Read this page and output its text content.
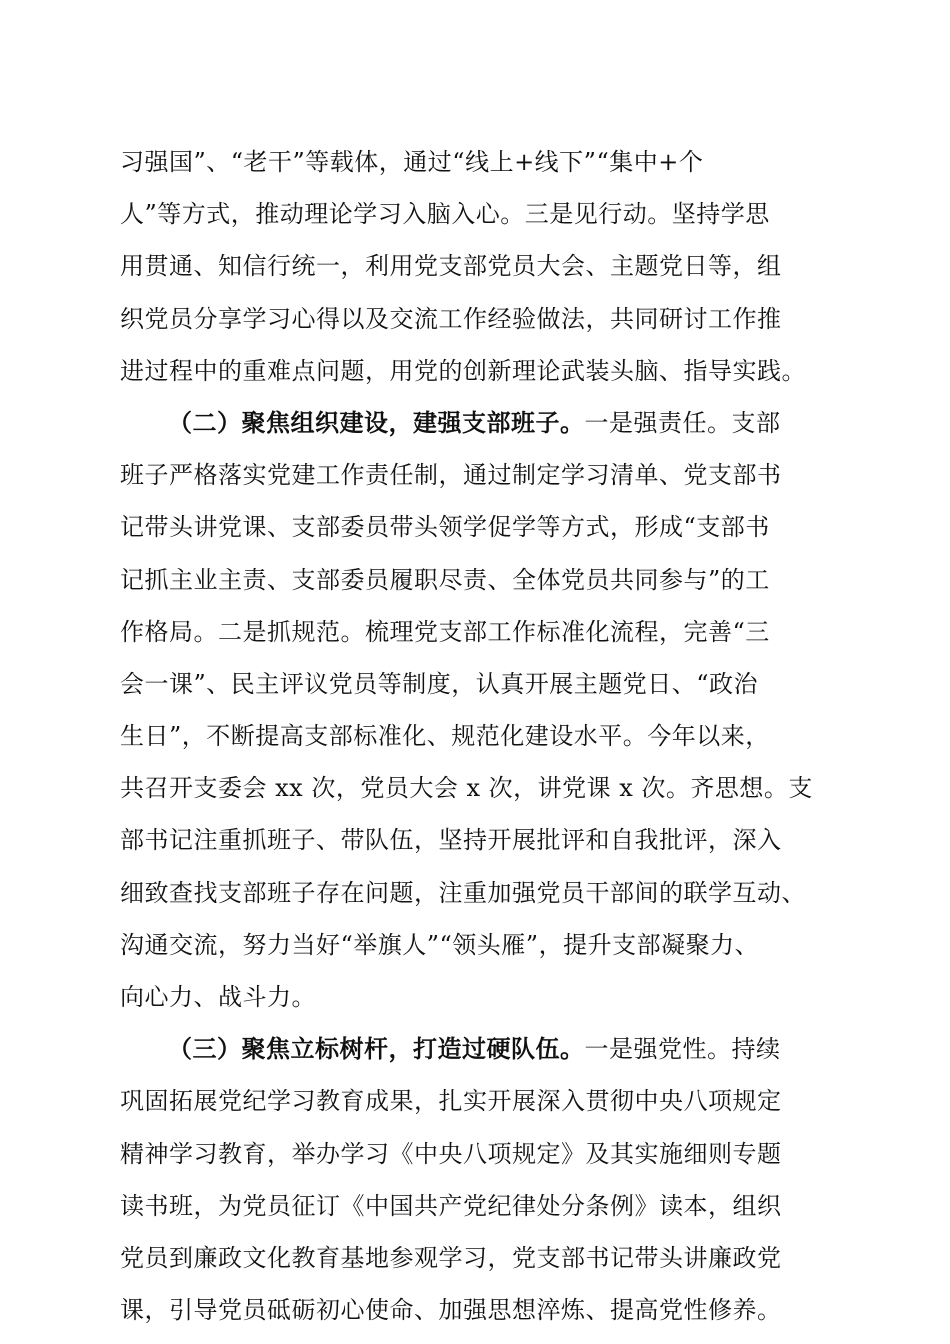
习强国”、“老干”等载体，通过“线上+线下”“集中+个
人”等方式，推动理论学习入脑入心。三是见行动。坚持学思
用贯通、知信行统一，利用党支部党员大会、主题党日等，组
织党员分享学习心得以及交流工作经验做法，共同研讨工作推
进过程中的重难点问题，用党的创新理论武装头脑、指导实践。
（二）聚焦组织建设，建强支部班子。一是强责任。支部
班子严格落实党建工作责任制，通过制定学习清单、党支部书
记带头讲党课、支部委员带头领学促学等方式，形成“支部书
记抓主业主责、支部委员履职尽责、全体党员共同参与”的工
作格局。二是抓规范。梳理党支部工作标准化流程，完善“三
会一课”、民主评议党员等制度，认真开展主题党日、“政治
生日”，不断提高支部标准化、规范化建设水平。今年以来，
共召开支委会 xx 次，党员大会 x 次，讲党课 x 次。齐思想。支
部书记注重抓班子、带队伍，坚持开展批评和自我批评，深入
细致查找支部班子存在问题，注重加强党员干部间的联学互动、
沟通交流，努力当好“举旗人”“领头雁”，提升支部凝聚力、
向心力、战斗力。
（三）聚焦立标树杆，打造过硬队伍。一是强党性。持续
巩固拓展党纪学习教育成果，扎实开展深入贯彻中央八项规定
精神学习教育，举办学习《中央八项规定》及其实施细则专题
读书班，为党员征订《中国共产党纪律处分条例》读本，组织
党员到廉政文化教育基地参观学习，党支部书记带头讲廉政党
课，引导党员砥砺初心使命、加强思想淬炼、提高党性修养。
